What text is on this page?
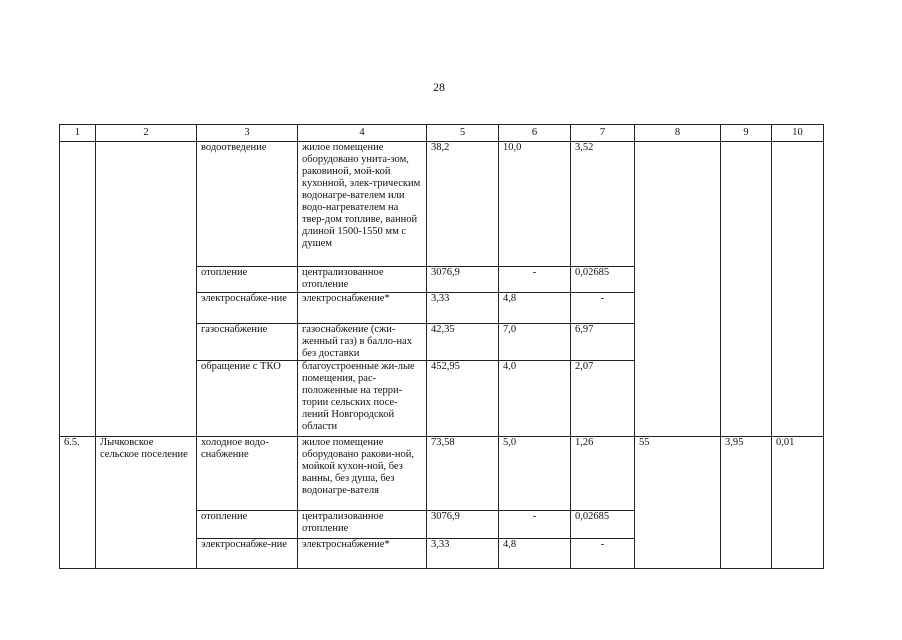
28
1	2	3	4	5	6	7	8	9	10
		водоотведение	жилое помещение оборудовано унита-зом, раковиной, мой-кой кухонной, элек-трическим водонагре-вателем или водо-нагревателем на твер-дом топливе, ванной длиной 1500-1550 мм с душем	38,2	10,0	3,52			
		отопление	централизованное отопление	3076,9	-	0,02685			
		электроснабже-ние	электроснабжение*	3,33	4,8	-			
		газоснабжение	газоснабжение (сжи-женный газ) в балло-нах без доставки	42,35	7,0	6,97			
		обращение с ТКО	благоустроенные жи-лые помещения, рас-положенные на терри-тории сельских посе-лений Новгородской области	452,95	4,0	2,07			
6.5.	Лычковское сельское поселение	холодное водо-снабжение	жилое помещение оборудовано ракови-ной, мойкой кухон-ной, без ванны, без душа, без водонагре-вателя	73,58	5,0	1,26	55	3,95	0,01
		отопление	централизованное отопление	3076,9	-	0,02685			
		электроснабже-ние	электроснабжение*	3,33	4,8	-			
